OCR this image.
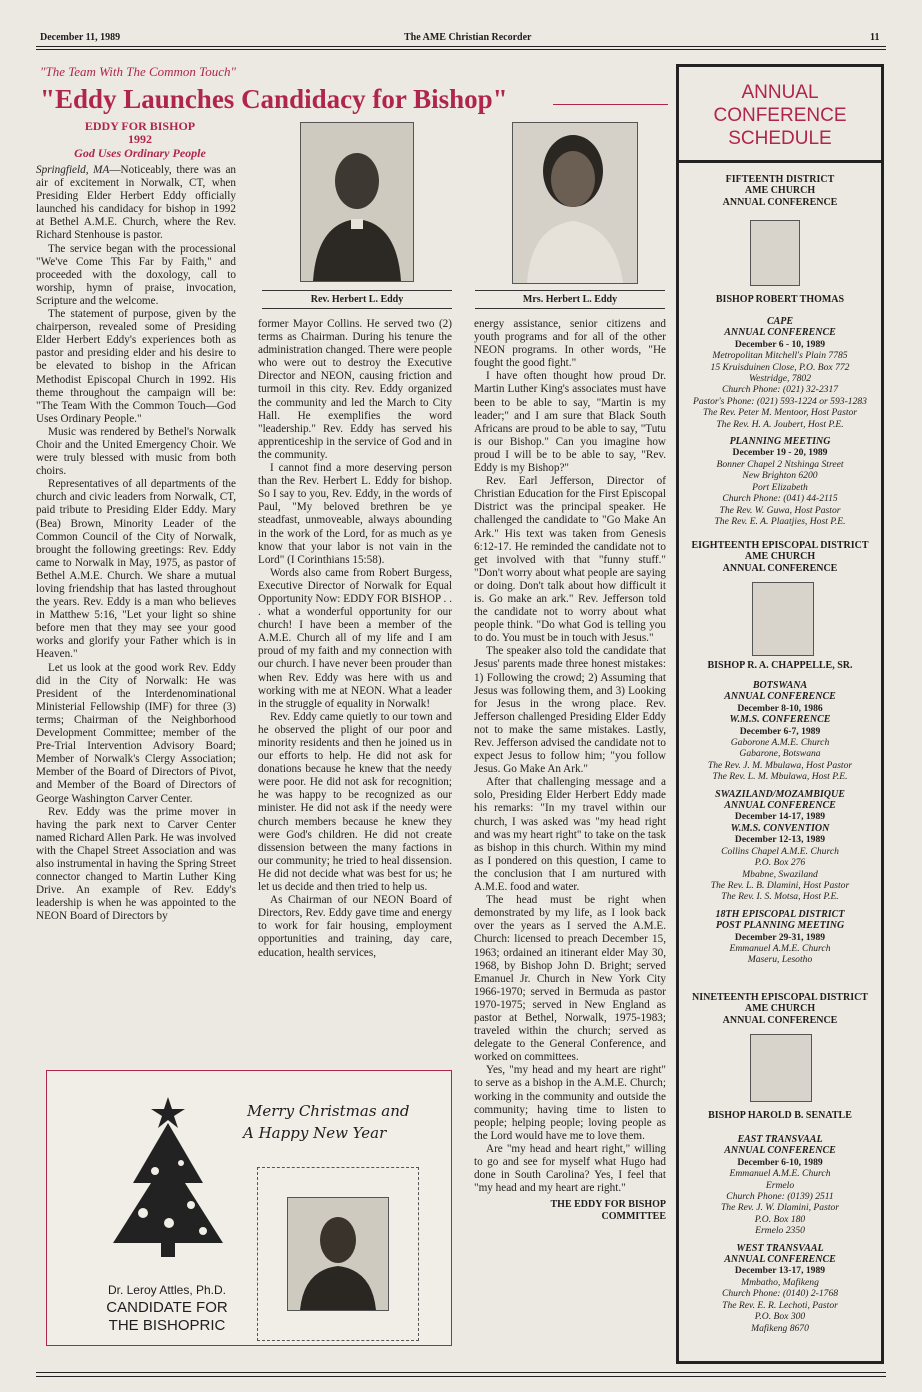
December 11, 1989	The AME Christian Recorder	11
"The Team With The Common Touch"
"Eddy Launches Candidacy for Bishop"
EDDY FOR BISHOP
1992
God Uses Ordinary People
Rev. Herbert L. Eddy	Mrs. Herbert L. Eddy

Springfield, MA—Noticeably, there was an air of excitement in Norwalk, CT, when Presiding Elder Herbert Eddy officially launched his candidacy for bishop in 1992 at Bethel A.M.E. Church, where the Rev. Richard Stenhouse is pastor.

The service began with the processional "We've Come This Far by Faith," and proceeded with the doxology, call to worship, hymn of praise, invocation, Scripture and the welcome.

The statement of purpose, given by the chairperson, revealed some of Presiding Elder Herbert Eddy's experiences both as pastor and presiding elder and his desire to be elevated to bishop in the African Methodist Episcopal Church in 1992. His theme throughout the campaign will be: "The Team With the Common Touch—God Uses Ordinary People."

Music was rendered by Bethel's Norwalk Choir and the United Emergency Choir. We were truly blessed with music from both choirs.

Representatives of all departments of the church and civic leaders from Norwalk, CT, paid tribute to Presiding Elder Eddy. Mary (Bea) Brown, Minority Leader of the Common Council of the City of Norwalk, brought the following greetings: Rev. Eddy came to Norwalk in May, 1975, as pastor of Bethel A.M.E. Church. We share a mutual loving friendship that has lasted throughout the years. Rev. Eddy is a man who believes in Matthew 5:16, "Let your light so shine before men that they may see your good works and glorify your Father which is in Heaven."

Let us look at the good work Rev. Eddy did in the City of Norwalk: He was President of the Interdenominational Ministerial Fellowship (IMF) for three (3) terms; Chairman of the Neighborhood Development Committee; member of the Pre-Trial Intervention Advisory Board; Member of Norwalk's Clergy Association; Member of the Board of Directors of Pivot, and Member of the Board of Directors of George Washington Carver Center.

Rev. Eddy was the prime mover in having the park next to Carver Center named Richard Allen Park. He was involved with the Chapel Street Association and was also instrumental in having the Spring Street connector changed to Martin Luther King Drive. An example of Rev. Eddy's leadership is when he was appointed to the NEON Board of Directors by

former Mayor Collins. He served two (2) terms as Chairman. During his tenure the administration changed. There were people who were out to destroy the Executive Director and NEON, causing friction and turmoil in this city. Rev. Eddy organized the community and led the March to City Hall. He exemplifies the word "leadership." Rev. Eddy has served his apprenticeship in the service of God and in the community.

I cannot find a more deserving person than the Rev. Herbert L. Eddy for bishop. So I say to you, Rev. Eddy, in the words of Paul, "My beloved brethren be ye steadfast, unmoveable, always abounding in the work of the Lord, for as much as ye know that your labor is not vain in the Lord" (I Corinthians 15:58).

Words also came from Robert Burgess, Executive Director of Norwalk for Equal Opportunity Now: EDDY FOR BISHOP . . . what a wonderful opportunity for our church! I have been a member of the A.M.E. Church all of my life and I am proud of my faith and my connection with our church. I have never been prouder than when Rev. Eddy was here with us and working with me at NEON. What a leader in the struggle of equality in Norwalk!

Rev. Eddy came quietly to our town and he observed the plight of our poor and minority residents and then he joined us in our efforts to help. He did not ask for donations because he knew that the needy were poor. He did not ask for recognition; he was happy to be recognized as our minister. He did not ask if the needy were church members because he knew they were God's children. He did not create dissension between the many factions in our community; he tried to heal dissension. He did not decide what was best for us; he let us decide and then tried to help us.

As Chairman of our NEON Board of Directors, Rev. Eddy gave time and energy to work for fair housing, employment opportunities and training, day care, education, health services,

energy assistance, senior citizens and youth programs and for all of the other NEON programs. In other words, "He fought the good fight."

I have often thought how proud Dr. Martin Luther King's associates must have been to be able to say, "Martin is my leader;" and I am sure that Black South Africans are proud to be able to say, "Tutu is our Bishop." Can you imagine how proud I will be to be able to say, "Rev. Eddy is my Bishop?"

Rev. Earl Jefferson, Director of Christian Education for the First Episcopal District was the principal speaker. He challenged the candidate to "Go Make An Ark." His text was taken from Genesis 6:12-17. He reminded the candidate not to get involved with that "funny stuff." "Don't worry about what people are saying or doing. Don't talk about how difficult it is. Go make an ark." Rev. Jefferson told the candidate not to worry about what people think. "Do what God is telling you to do. You must be in touch with Jesus."

The speaker also told the candidate that Jesus' parents made three honest mistakes: 1) Following the crowd; 2) Assuming that Jesus was following them, and 3) Looking for Jesus in the wrong place. Rev. Jefferson challenged Presiding Elder Eddy not to make the same mistakes. Lastly, Rev. Jefferson advised the candidate not to expect Jesus to follow him; "you follow Jesus. Go Make An Ark."

After that challenging message and a solo, Presiding Elder Herbert Eddy made his remarks: "In my travel within our church, I was asked was "my head right and was my heart right" to take on the task as bishop in this church. Within my mind as I pondered on this question, I came to the conclusion that I am nurtured with A.M.E. food and water.

The head must be right when demonstrated by my life, as I look back over the years as I served the A.M.E. Church: licensed to preach December 15, 1963; ordained an itinerant elder May 30, 1968, by Bishop John D. Bright; served Emanuel Jr. Church in New York City 1966-1970; served in Bermuda as pastor 1970-1975; served in New England as pastor at Bethel, Norwalk, 1975-1983; traveled within the church; served as delegate to the General Conference, and worked on committees.

Yes, "my head and my heart are right" to serve as a bishop in the A.M.E. Church; working in the community and outside the community; having time to listen to people; helping people; loving people as the Lord would have me to love them.

Are "my head and heart right," willing to go and see for myself what Hugo had done in South Carolina? Yes, I feel that "my head and my heart are right."

THE EDDY FOR BISHOP
COMMITTEE
Merry Christmas and
A Happy New Year
Dr. Leroy Attles, Ph.D.
CANDIDATE FOR
THE BISHOPRIC
ANNUAL
CONFERENCE
SCHEDULE
FIFTEENTH DISTRICT
AME CHURCH
ANNUAL CONFERENCE
BISHOP ROBERT THOMAS
CAPE
ANNUAL CONFERENCE
December 6 - 10, 1989
Metropolitan Mitchell's Plain 7785
15 Kruisduinen Close, P.O. Box 772
Westridge, 7802
Church Phone: (021) 32-2317
Pastor's Phone: (021) 593-1224 or 593-1283
The Rev. Peter M. Mentoor, Host Pastor
The Rev. H. A. Joubert, Host P.E.
PLANNING MEETING
December 19 - 20, 1989
Bonner Chapel 2 Ntshinga Street
New Brighton 6200
Port Elizabeth
Church Phone: (041) 44-2115
The Rev. W. Guwa, Host Pastor
The Rev. E. A. Plaatjies, Host P.E.
EIGHTEENTH EPISCOPAL DISTRICT
AME CHURCH
ANNUAL CONFERENCE
BISHOP R. A. CHAPPELLE, SR.
BOTSWANA
ANNUAL CONFERENCE
December 8-10, 1986
W.M.S. CONFERENCE
December 6-7, 1989
Gaborone A.M.E. Church
Gabarone, Botswana
The Rev. J. M. Mbulawa, Host Pastor
The Rev. L. M. Mbulawa, Host P.E.
SWAZILAND/MOZAMBIQUE
ANNUAL CONFERENCE
December 14-17, 1989
W.M.S. CONVENTION
December 12-13, 1989
Collins Chapel A.M.E. Church
P.O. Box 276
Mbabne, Swaziland
The Rev. L. B. Dlamini, Host Pastor
The Rev. I. S. Motsa, Host P.E.
18TH EPISCOPAL DISTRICT
POST PLANNING MEETING
December 29-31, 1989
Emmanuel A.M.E. Church
Maseru, Lesotho
NINETEENTH EPISCOPAL DISTRICT
AME CHURCH
ANNUAL CONFERENCE
BISHOP HAROLD B. SENATLE
EAST TRANSVAAL
ANNUAL CONFERENCE
December 6-10, 1989
Emmanuel A.M.E. Church
Ermelo
Church Phone: (0139) 2511
The Rev. J. W. Dlamini, Pastor
P.O. Box 180
Ermelo 2350
WEST TRANSVAAL
ANNUAL CONFERENCE
December 13-17, 1989
Mmbatho, Mafikeng
Church Phone: (0140) 2-1768
The Rev. E. R. Lechoti, Pastor
P.O. Box 300
Mafikeng 8670
